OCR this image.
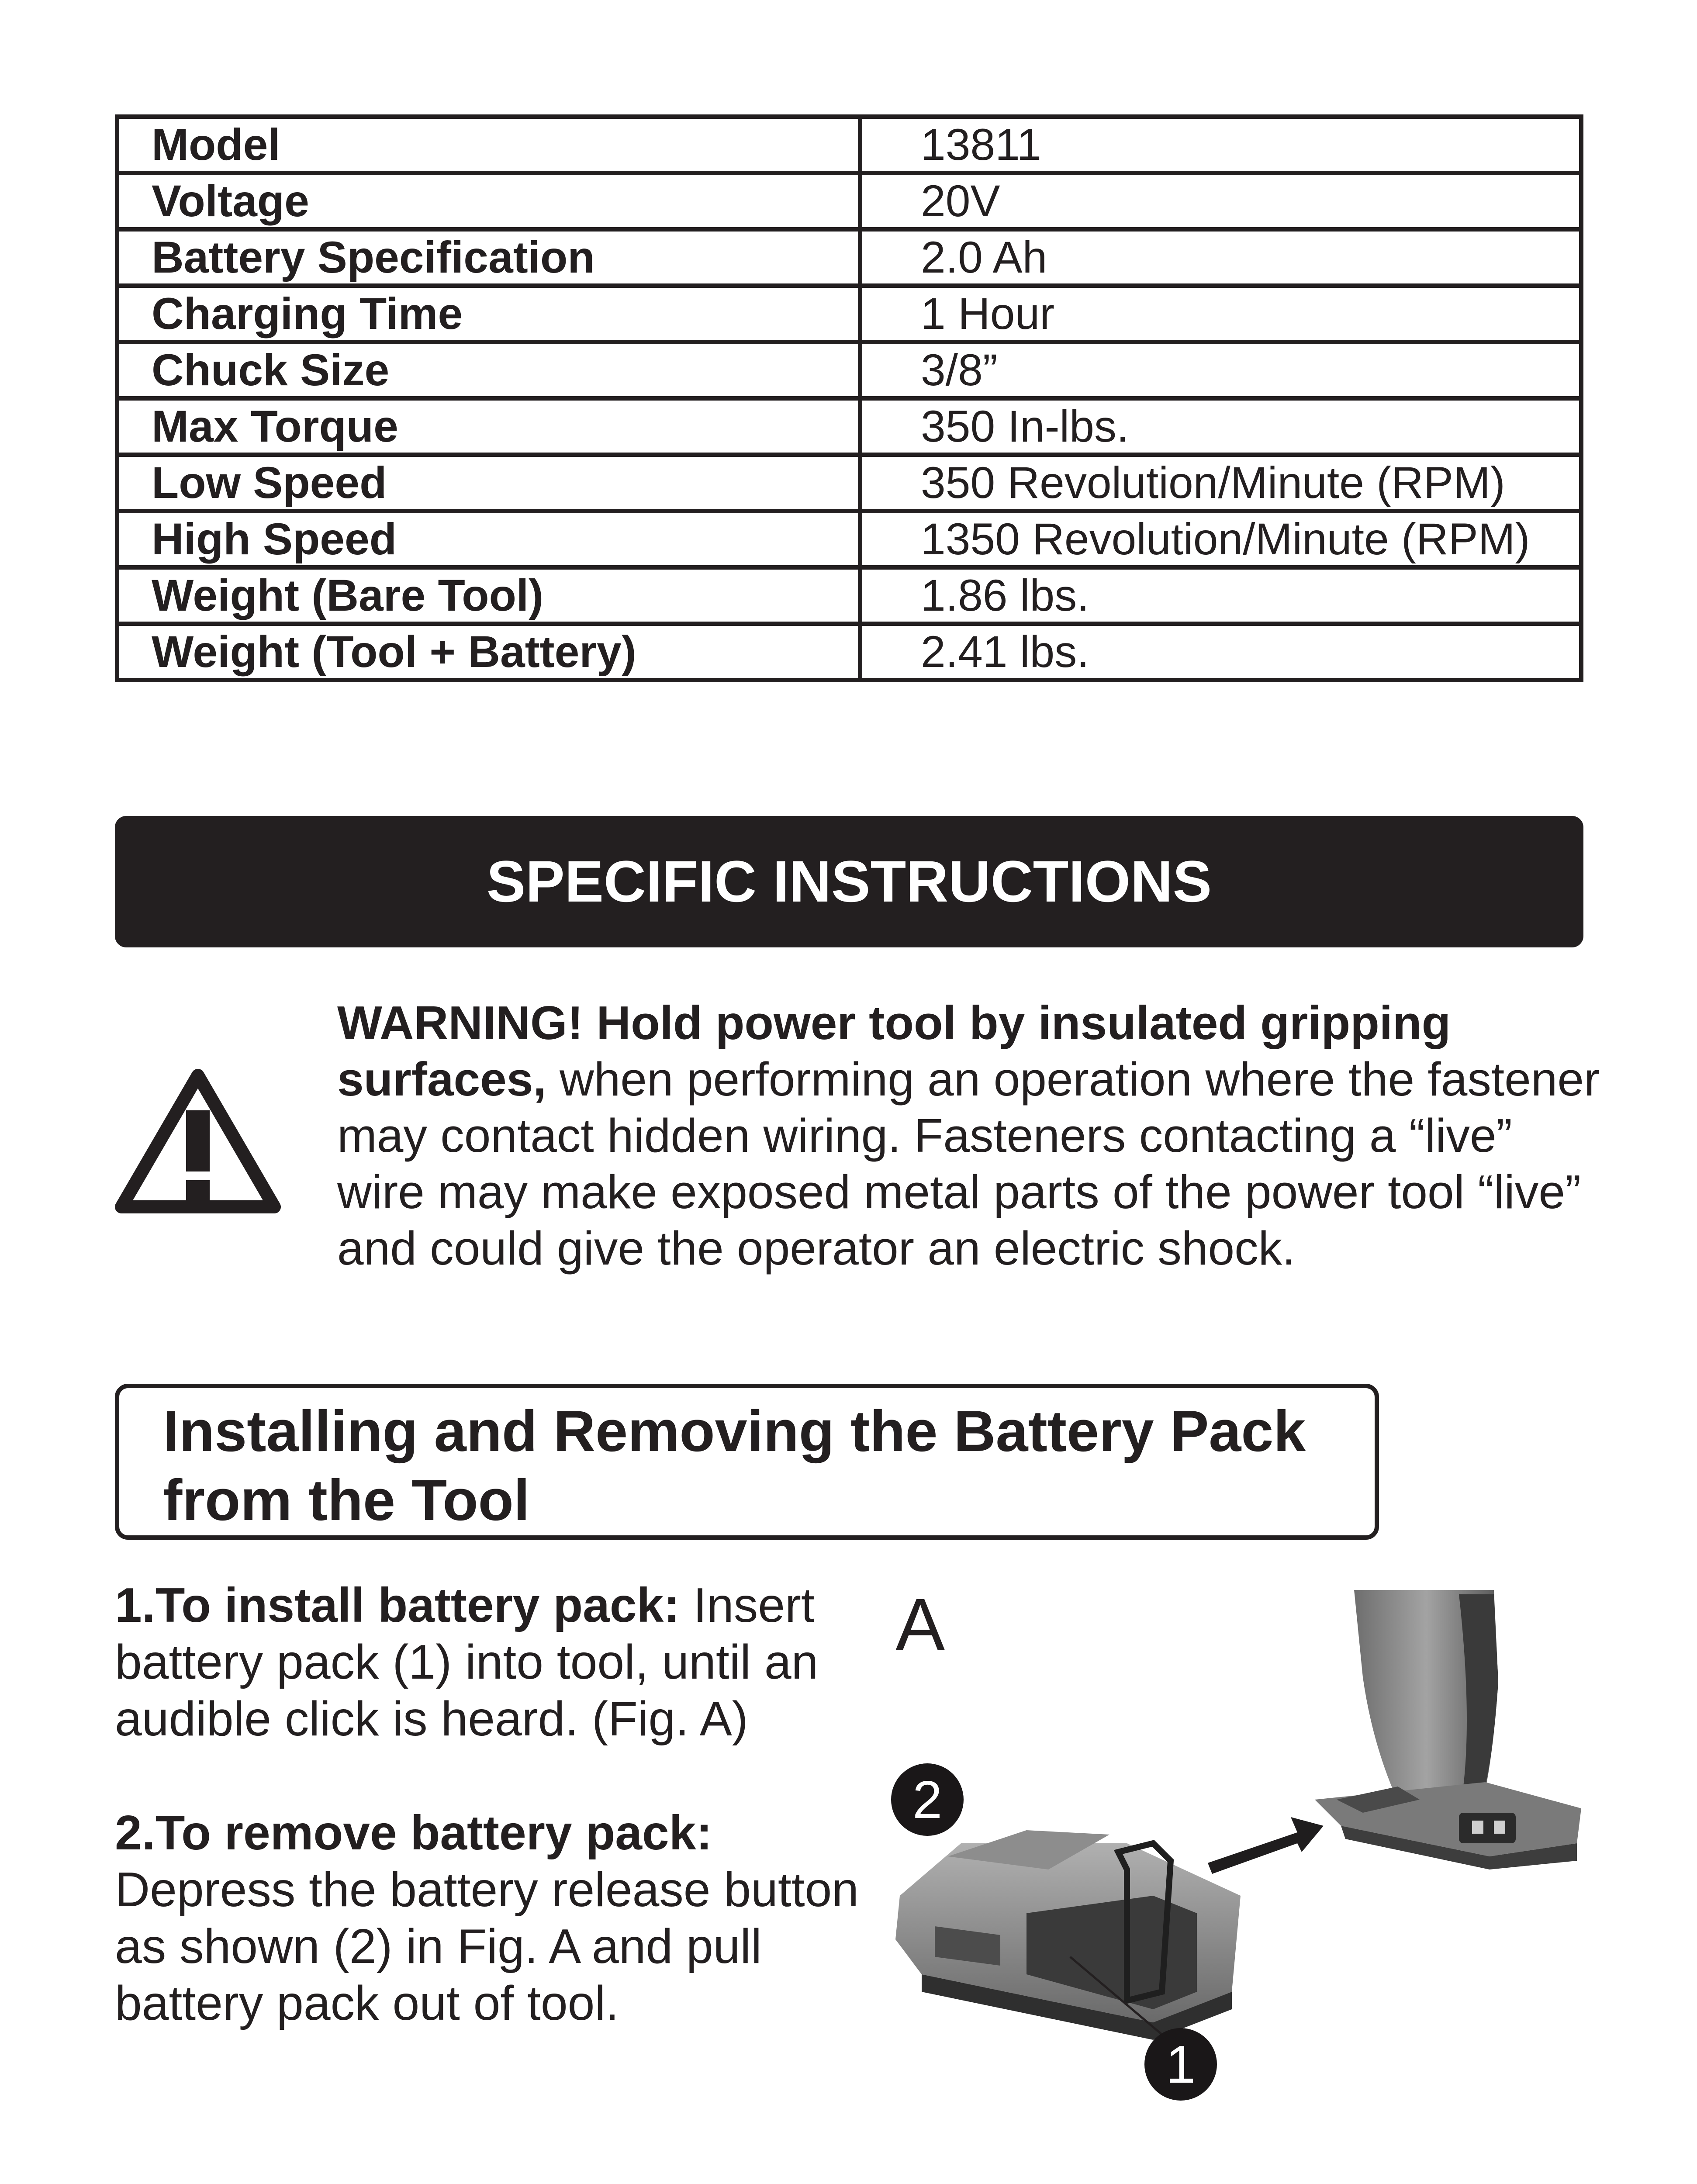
Model	13811
Voltage	20V
Battery Specification	2.0 Ah
Charging Time	1 Hour
Chuck Size	3/8”
Max Torque	350 In-lbs.
Low Speed	350 Revolution/Minute (RPM)
High Speed	1350 Revolution/Minute (RPM)
Weight (Bare Tool)	1.86 lbs.
Weight (Tool + Battery)	2.41 lbs.
SPECIFIC INSTRUCTIONS
WARNING! Hold power tool by insulated gripping surfaces, when performing an operation where the fastener may contact hidden wiring. Fasteners contacting a “live” wire may make exposed metal parts of the power tool “live” and could give the operator an electric shock.
Installing and Removing the Battery Pack from the Tool
1.To install battery pack: Insert battery pack (1) into tool, until an audible click is heard. (Fig. A)
2.To remove battery pack: Depress the battery release button as shown (2) in Fig. A and pull battery pack out of tool.
A
2
1
